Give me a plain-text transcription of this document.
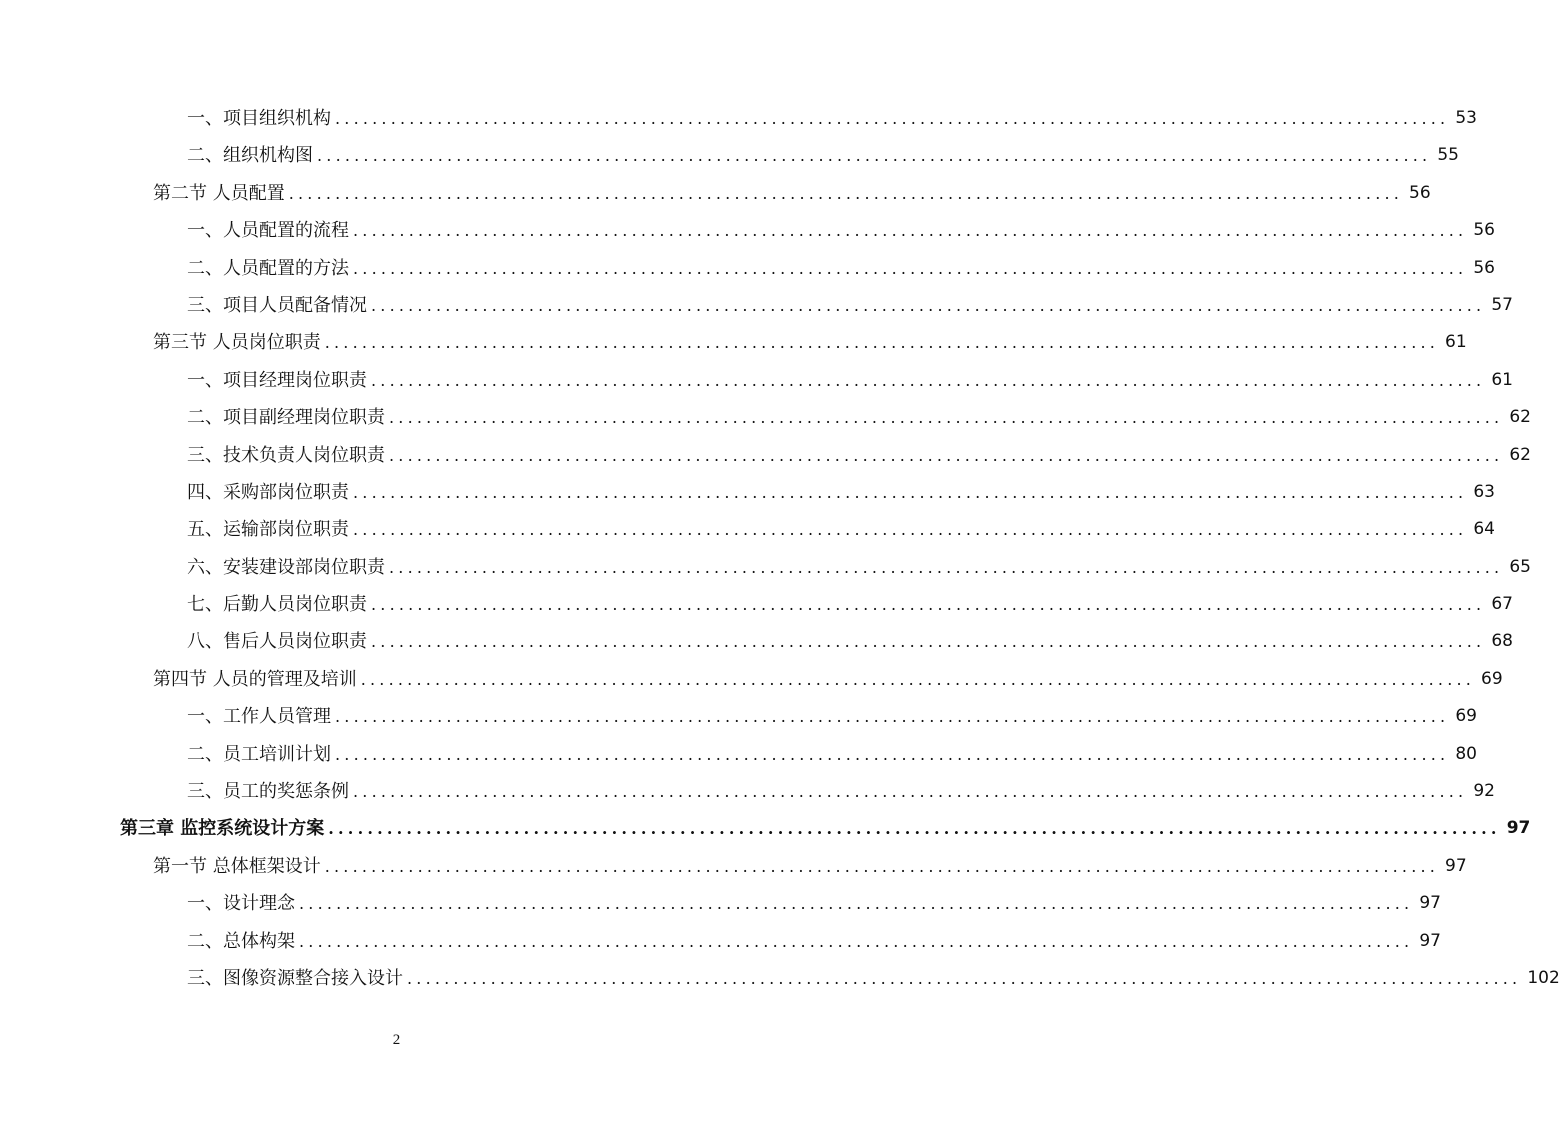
一、项目组织机构 ........................................................................................................................ 53
二、组织机构图 ........................................................................................................................ 55
第二节 人员配置 ........................................................................................................................ 56
一、人员配置的流程 ........................................................................................................................ 56
二、人员配置的方法 ........................................................................................................................ 56
三、项目人员配备情况 ........................................................................................................................ 57
第三节 人员岗位职责 ........................................................................................................................ 61
一、项目经理岗位职责 ........................................................................................................................ 61
二、项目副经理岗位职责 ........................................................................................................................ 62
三、技术负责人岗位职责 ........................................................................................................................ 62
四、采购部岗位职责 ........................................................................................................................ 63
五、运输部岗位职责 ........................................................................................................................ 64
六、安装建设部岗位职责 ........................................................................................................................ 65
七、后勤人员岗位职责 ........................................................................................................................ 67
八、售后人员岗位职责 ........................................................................................................................ 68
第四节 人员的管理及培训 ........................................................................................................................ 69
一、工作人员管理 ........................................................................................................................ 69
二、员工培训计划 ........................................................................................................................ 80
三、员工的奖惩条例 ........................................................................................................................ 92
第三章 监控系统设计方案 ........................................................................................................................ 97
第一节 总体框架设计 ........................................................................................................................ 97
一、设计理念 ........................................................................................................................ 97
二、总体构架 ........................................................................................................................ 97
三、图像资源整合接入设计 ........................................................................................................................ 102
2
